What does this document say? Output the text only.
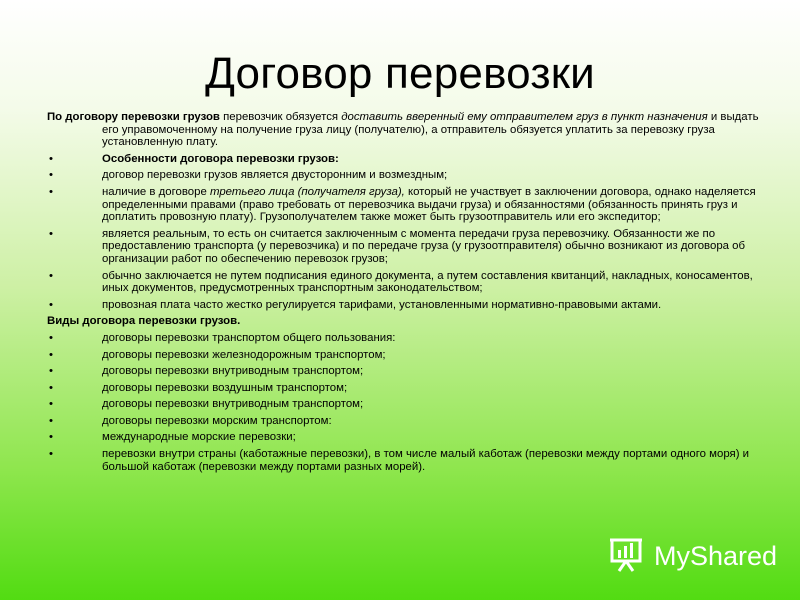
Договор перевозки

По договору перевозки грузов перевозчик обязуется доставить вверенный ему отправителем груз в пункт назначения и выдать его управомоченному на получение груза лицу (получателю), а отправитель обязуется уплатить за перевозку груза установленную плату.

•	Особенности договора перевозки грузов:
•	договор перевозки грузов является двусторонним и возмездным;
•	наличие в договоре третьего лица (получателя груза), который не участвует в заключении договора, однако наделяется определенными правами (право требовать от перевозчика выдачи груза) и обязанностями (обязанность принять груз и доплатить провозную плату). Грузополучателем также может быть грузоотправитель или его экспедитор;
•	является реальным, то есть он считается заключенным с момента передачи груза перевозчику. Обязанности же по предоставлению транспорта (у перевозчика) и по передаче груза (у грузоотправителя) обычно возникают из договора об организации работ по обеспечению перевозок грузов;
•	обычно заключается не путем подписания единого документа, а путем составления квитанций, накладных, коносаментов, иных документов, предусмотренных транспортным законодательством;
•	провозная плата часто жестко регулируется тарифами, установленными нормативно-правовыми актами.
Виды договора перевозки грузов.
•	договоры перевозки транспортом общего пользования:
•	договоры перевозки железнодорожным транспортом;
•	договоры перевозки внутриводным транспортом;
•	договоры перевозки воздушным транспортом;
•	договоры перевозки внутриводным транспортом;
•	договоры перевозки морским транспортом:
•	международные морские перевозки;
•	перевозки внутри страны (каботажные перевозки), в том числе малый каботаж (перевозки между портами одного моря) и большой каботаж (перевозки между портами разных морей).
MyShared
